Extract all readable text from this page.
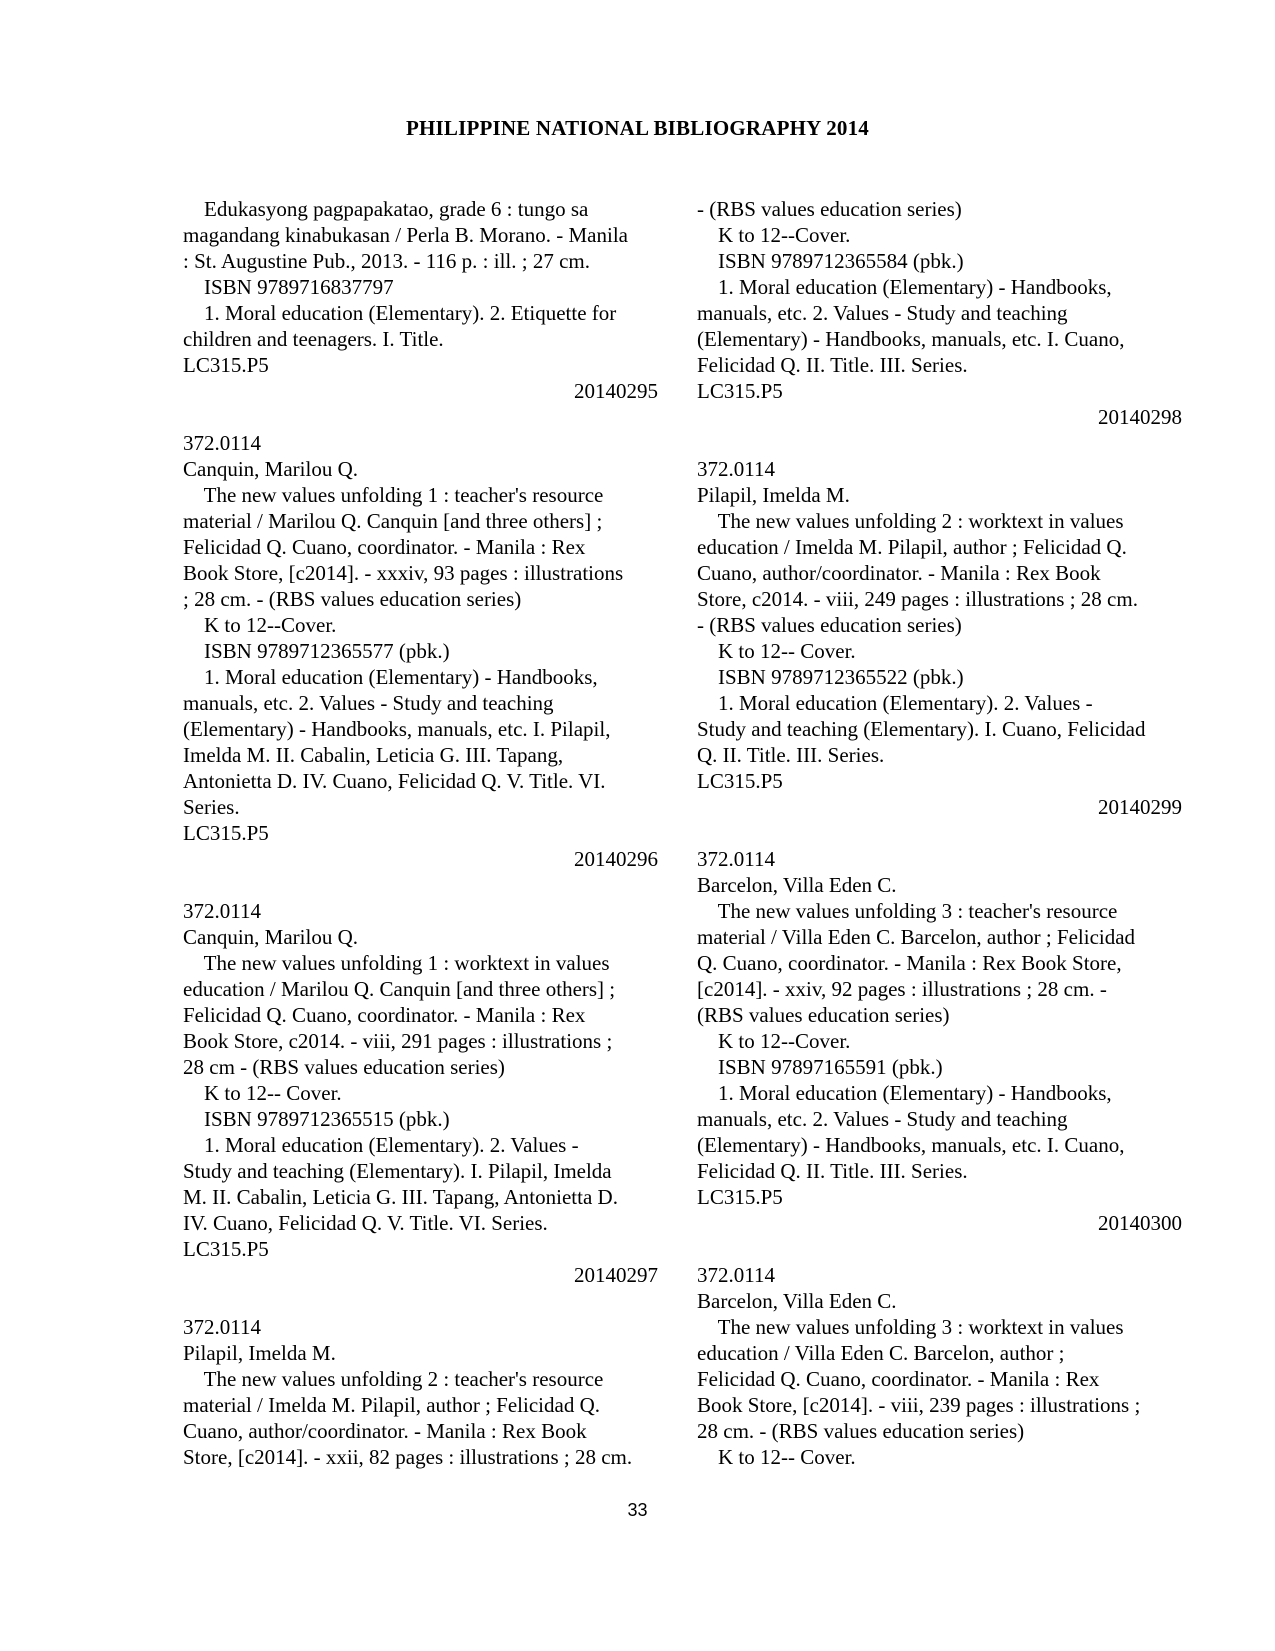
PHILIPPINE NATIONAL BIBLIOGRAPHY 2014
Edukasyong pagpapakatao, grade 6 : tungo sa
magandang kinabukasan / Perla B. Morano. - Manila
: St. Augustine Pub., 2013. - 116 p. : ill. ; 27 cm.
ISBN 9789716837797
1. Moral education (Elementary). 2. Etiquette for
children and teenagers. I. Title.
LC315.P5
20140295
372.0114
Canquin, Marilou Q.
The new values unfolding 1 : teacher's resource
material / Marilou Q. Canquin [and three others] ;
Felicidad Q. Cuano, coordinator. - Manila : Rex
Book Store, [c2014]. - xxxiv, 93 pages : illustrations
; 28 cm. - (RBS values education series)
K to 12--Cover.
ISBN 9789712365577 (pbk.)
1. Moral education (Elementary) - Handbooks,
manuals, etc. 2. Values - Study and teaching
(Elementary) - Handbooks, manuals, etc. I. Pilapil,
Imelda M. II. Cabalin, Leticia G. III. Tapang,
Antonietta D. IV. Cuano, Felicidad Q. V. Title. VI.
Series.
LC315.P5
20140296
372.0114
Canquin, Marilou Q.
The new values unfolding 1 : worktext in values
education / Marilou Q. Canquin [and three others] ;
Felicidad Q. Cuano, coordinator. - Manila : Rex
Book Store, c2014. - viii, 291 pages : illustrations ;
28 cm - (RBS values education series)
K to 12-- Cover.
ISBN 9789712365515 (pbk.)
1. Moral education (Elementary). 2. Values -
Study and teaching (Elementary). I. Pilapil, Imelda
M. II. Cabalin, Leticia G. III. Tapang, Antonietta D.
IV. Cuano, Felicidad Q. V. Title. VI. Series.
LC315.P5
20140297
372.0114
Pilapil, Imelda M.
The new values unfolding 2 : teacher's resource
material / Imelda M. Pilapil, author ; Felicidad Q.
Cuano, author/coordinator. - Manila : Rex Book
Store, [c2014]. - xxii, 82 pages : illustrations ; 28 cm.
- (RBS values education series)
K to 12--Cover.
ISBN 9789712365584 (pbk.)
1. Moral education (Elementary) - Handbooks,
manuals, etc. 2. Values - Study and teaching
(Elementary) - Handbooks, manuals, etc. I. Cuano,
Felicidad Q. II. Title. III. Series.
LC315.P5
20140298
372.0114
Pilapil, Imelda M.
The new values unfolding 2 : worktext in values
education / Imelda M. Pilapil, author ; Felicidad Q.
Cuano, author/coordinator. - Manila : Rex Book
Store, c2014. - viii, 249 pages : illustrations ; 28 cm.
- (RBS values education series)
K to 12-- Cover.
ISBN 9789712365522 (pbk.)
1. Moral education (Elementary). 2. Values -
Study and teaching (Elementary). I. Cuano, Felicidad
Q. II. Title. III. Series.
LC315.P5
20140299
372.0114
Barcelon, Villa Eden C.
The new values unfolding 3 : teacher's resource
material / Villa Eden C. Barcelon, author ; Felicidad
Q. Cuano, coordinator. - Manila : Rex Book Store,
[c2014]. - xxiv, 92 pages : illustrations ; 28 cm. -
(RBS values education series)
K to 12--Cover.
ISBN 97897165591 (pbk.)
1. Moral education (Elementary) - Handbooks,
manuals, etc. 2. Values - Study and teaching
(Elementary) - Handbooks, manuals, etc. I. Cuano,
Felicidad Q. II. Title. III. Series.
LC315.P5
20140300
372.0114
Barcelon, Villa Eden C.
The new values unfolding 3 : worktext in values
education / Villa Eden C. Barcelon, author ;
Felicidad Q. Cuano, coordinator. - Manila : Rex
Book Store, [c2014]. - viii, 239 pages : illustrations ;
28 cm. - (RBS values education series)
K to 12-- Cover.
33
